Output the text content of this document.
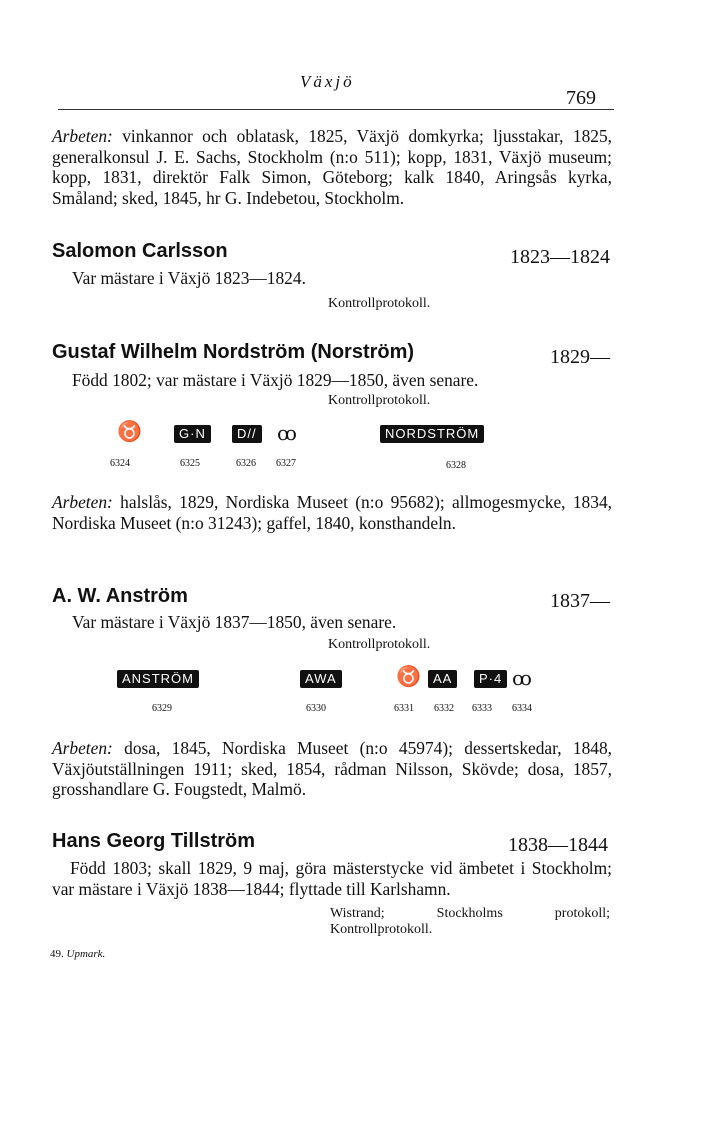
Växjö
769
Arbeten: vinkannor och oblatask, 1825, Växjö domkyrka; ljusstakar, 1825, generalkonsul J. E. Sachs, Stockholm (n:o 511); kopp, 1831, Växjö museum; kopp, 1831, direktör Falk Simon, Göteborg; kalk 1840, Aringsås kyrka, Småland; sked, 1845, hr G. Indebetou, Stockholm.
Salomon Carlsson	1823—1824
Var mästare i Växjö 1823—1824.
Kontrollprotokoll.
Gustaf Wilhelm Nordström (Norström)	1829—
Född 1802; var mästare i Växjö 1829—1850, även senare.
Kontrollprotokoll.
♉	G·N	D// ꝏ	NORDSTRÖM
6324	6325	6326 6327	6328
Arbeten: halslås, 1829, Nordiska Museet (n:o 95682); allmogesmycke, 1834, Nordiska Museet (n:o 31243); gaffel, 1840, konsthandeln.
A. W. Anström	1837—
Var mästare i Växjö 1837—1850, även senare.
Kontrollprotokoll.
ANSTRÖM	AWA	♉ AA	P·4 ꝏ
6329	6330	6331 6332 6333 6334
Arbeten: dosa, 1845, Nordiska Museet (n:o 45974); dessertskedar, 1848, Växjöutställningen 1911; sked, 1854, rådman Nilsson, Skövde; dosa, 1857, grosshandlare G. Fougstedt, Malmö.
Hans Georg Tillström	1838—1844
Född 1803; skall 1829, 9 maj, göra mästerstycke vid ämbetet i Stockholm; var mästare i Växjö 1838—1844; flyttade till Karlshamn.
Wistrand; Stockholms protokoll; Kontrollprotokoll.
49. Upmark.
